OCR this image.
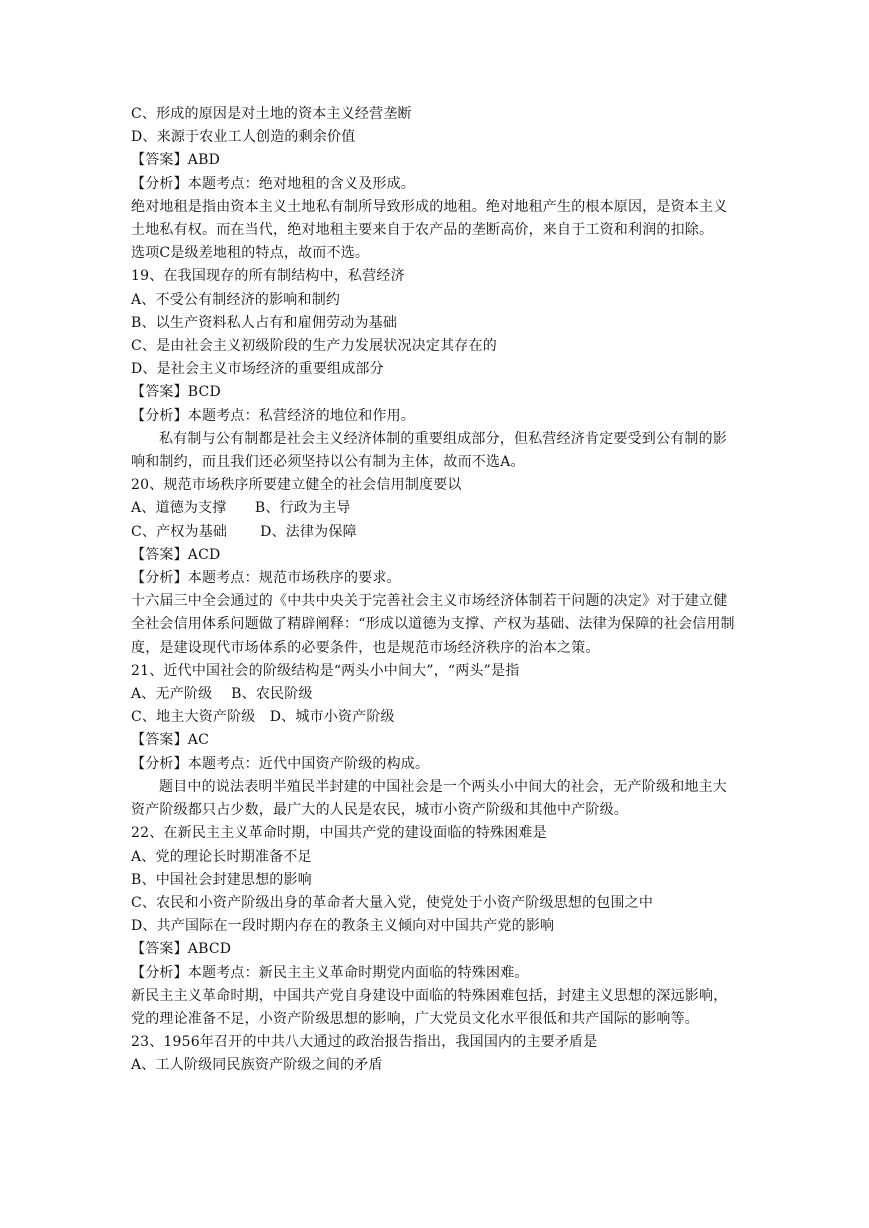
C、形成的原因是对土地的资本主义经营垄断
D、来源于农业工人创造的剩余价值
【答案】ABD
【分析】本题考点：绝对地租的含义及形成。
绝对地租是指由资本主义土地私有制所导致形成的地租。绝对地租产生的根本原因，是资本主义土地私有权。而在当代，绝对地租主要来自于农产品的垄断高价，来自于工资和利润的扣除。
选项C是级差地租的特点，故而不选。
19、在我国现存的所有制结构中，私营经济
A、不受公有制经济的影响和制约
B、以生产资料私人占有和雇佣劳动为基础
C、是由社会主义初级阶段的生产力发展状况决定其存在的
D、是社会主义市场经济的重要组成部分
【答案】BCD
【分析】本题考点：私营经济的地位和作用。
私有制与公有制都是社会主义经济体制的重要组成部分，但私营经济肯定要受到公有制的影响和制约，而且我们还必须坚持以公有制为主体，故而不选A。
20、规范市场秩序所要建立健全的社会信用制度要以
A、道德为支撑　　B、行政为主导
C、产权为基础　　 D、法律为保障
【答案】ACD
【分析】本题考点：规范市场秩序的要求。
十六届三中全会通过的《中共中央关于完善社会主义市场经济体制若干问题的决定》对于建立健全社会信用体系问题做了精辟阐释：“形成以道德为支撑、产权为基础、法律为保障的社会信用制度，是建设现代市场体系的必要条件，也是规范市场经济秩序的治本之策。
21、近代中国社会的阶级结构是“两头小中间大”，“两头”是指
A、无产阶级　 B、农民阶级
C、地主大资产阶级　D、城市小资产阶级
【答案】AC
【分析】本题考点：近代中国资产阶级的构成。
题目中的说法表明半殖民半封建的中国社会是一个两头小中间大的社会，无产阶级和地主大资产阶级都只占少数，最广大的人民是农民，城市小资产阶级和其他中产阶级。
22、在新民主主义革命时期，中国共产党的建设面临的特殊困难是
A、党的理论长时期准备不足
B、中国社会封建思想的影响
C、农民和小资产阶级出身的革命者大量入党，使党处于小资产阶级思想的包围之中
D、共产国际在一段时期内存在的教条主义倾向对中国共产党的影响
【答案】ABCD
【分析】本题考点：新民主主义革命时期党内面临的特殊困难。
新民主主义革命时期，中国共产党自身建设中面临的特殊困难包括，封建主义思想的深远影响，党的理论准备不足，小资产阶级思想的影响，广大党员文化水平很低和共产国际的影响等。
23、1956年召开的中共八大通过的政治报告指出，我国国内的主要矛盾是
A、工人阶级同民族资产阶级之间的矛盾
